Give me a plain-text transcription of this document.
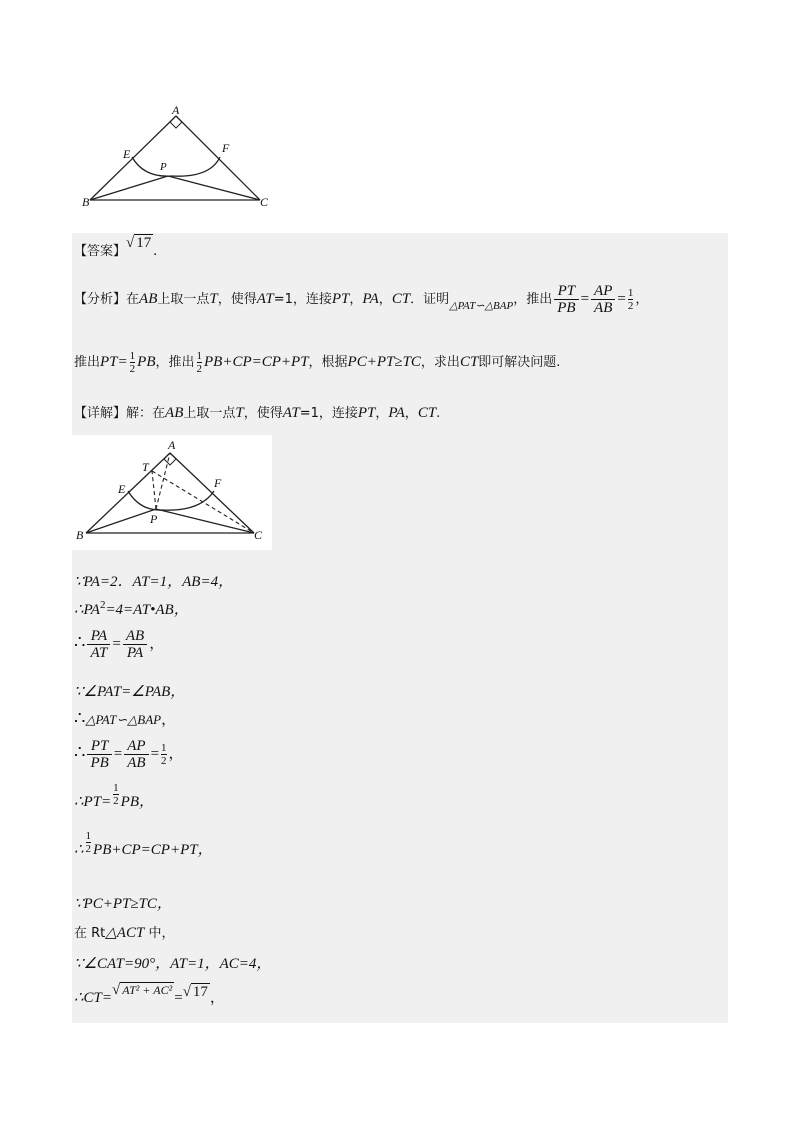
A
B	C
E	F
P
【答案】√ 17 .
【分析】在AB上取一点T，使得AT=1，连接PT，PA，CT．证明$_{\triangle PAT∽\triangle BAP}$，推出 $\frac{PT}{PB} = \frac{AP}{AB} = \frac{1}{2}$ ，
推出$PT= \frac{1}{2}$ PB，推出 $\frac{1}{2} PB+CP=CP+PT$，根据PC+PT≥TC，求出CT即可解决问题.
【详解】解：在AB上取一点T，使得AT=1，连接PT，PA，CT.
A
T
B	C
E	F
P
∵PA=2．AT=1，AB=4，
$\therefore PA^2=4=AT•AB$，
∴ $\frac{PA}{AT} = \frac{AB}{PA}$ ，
∵∠PAT=∠PAB，
∴△PAT∽△BAP，
∴ $\frac{PT}{PB} = \frac{AP}{AB} = \frac{1}{2}$ ，
∴PT= $\frac{1}{2}$ PB，
∴ $\frac{1}{2} PB+CP=CP+PT$，
∵PC+PT≥TC，
在 Rt△ACT 中，
∵∠CAT=90°，AT=1，AC=4，
∴CT=√ AT² + AC² =√ 17 ，
